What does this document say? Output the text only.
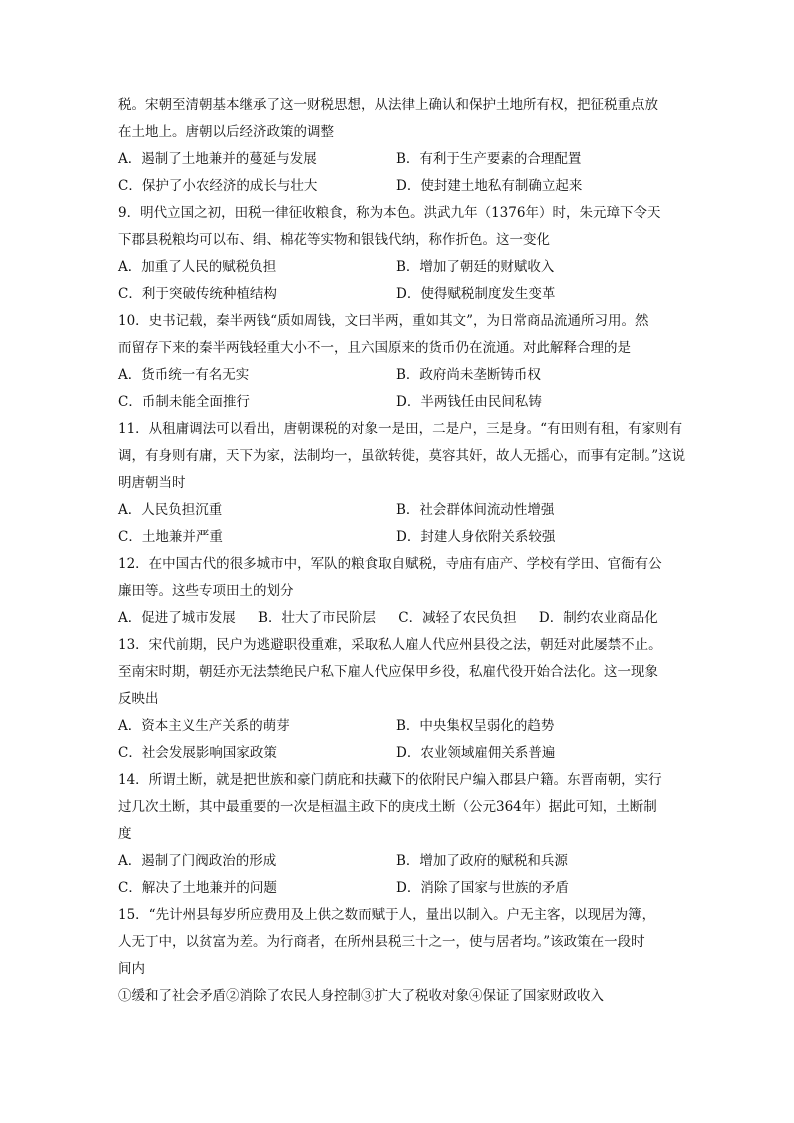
税。宋朝至清朝基本继承了这一财税思想，从法律上确认和保护土地所有权，把征税重点放
在土地上。唐朝以后经济政策的调整
A．遏制了土地兼并的蔓延与发展	B．有利于生产要素的合理配置
C．保护了小农经济的成长与壮大	D．使封建土地私有制确立起来
9．明代立国之初，田税一律征收粮食，称为本色。洪武九年（1376年）时，朱元璋下令天
下郡县税粮均可以布、绢、棉花等实物和银钱代纳，称作折色。这一变化
A．加重了人民的赋税负担	B．增加了朝廷的财赋收入
C．利于突破传统种植结构	D．使得赋税制度发生变革
10．史书记载，秦半两钱“质如周钱，文曰半两，重如其文”，为日常商品流通所习用。然
而留存下来的秦半两钱轻重大小不一，且六国原来的货币仍在流通。对此解释合理的是
A．货币统一有名无实	B．政府尚未垄断铸币权
C．币制未能全面推行	D．半两钱任由民间私铸
11．从租庸调法可以看出，唐朝课税的对象一是田，二是户，三是身。“有田则有租，有家则有
调，有身则有庸，天下为家，法制均一，虽欲转徙，莫容其奸，故人无摇心，而事有定制。”这说
明唐朝当时
A．人民负担沉重	B．社会群体间流动性增强
C．土地兼并严重	D．封建人身依附关系较强
12．在中国古代的很多城市中，军队的粮食取自赋税，寺庙有庙产、学校有学田、官衙有公
廉田等。这些专项田土的划分
A．促进了城市发展 B．壮大了市民阶层 C．减轻了农民负担 D．制约农业商品化
13．宋代前期，民户为逃避职役重难，采取私人雇人代应州县役之法，朝廷对此屡禁不止。
至南宋时期，朝廷亦无法禁绝民户私下雇人代应保甲乡役，私雇代役开始合法化。这一现象
反映出
A．资本主义生产关系的萌芽	B．中央集权呈弱化的趋势
C．社会发展影响国家政策	D．农业领域雇佣关系普遍
14．所谓土断，就是把世族和豪门荫庇和扶藏下的依附民户编入郡县户籍。东晋南朝，实行
过几次土断，其中最重要的一次是桓温主政下的庚戌土断（公元364年）据此可知，土断制
度
A．遏制了门阀政治的形成	B．增加了政府的赋税和兵源
C．解决了土地兼并的问题	D．消除了国家与世族的矛盾
15．“先计州县每岁所应费用及上供之数而赋于人，量出以制入。户无主客，以现居为簿，
人无丁中，以贫富为差。为行商者，在所州县税三十之一，使与居者均。”该政策在一段时
间内
①缓和了社会矛盾②消除了农民人身控制③扩大了税收对象④保证了国家财政收入
